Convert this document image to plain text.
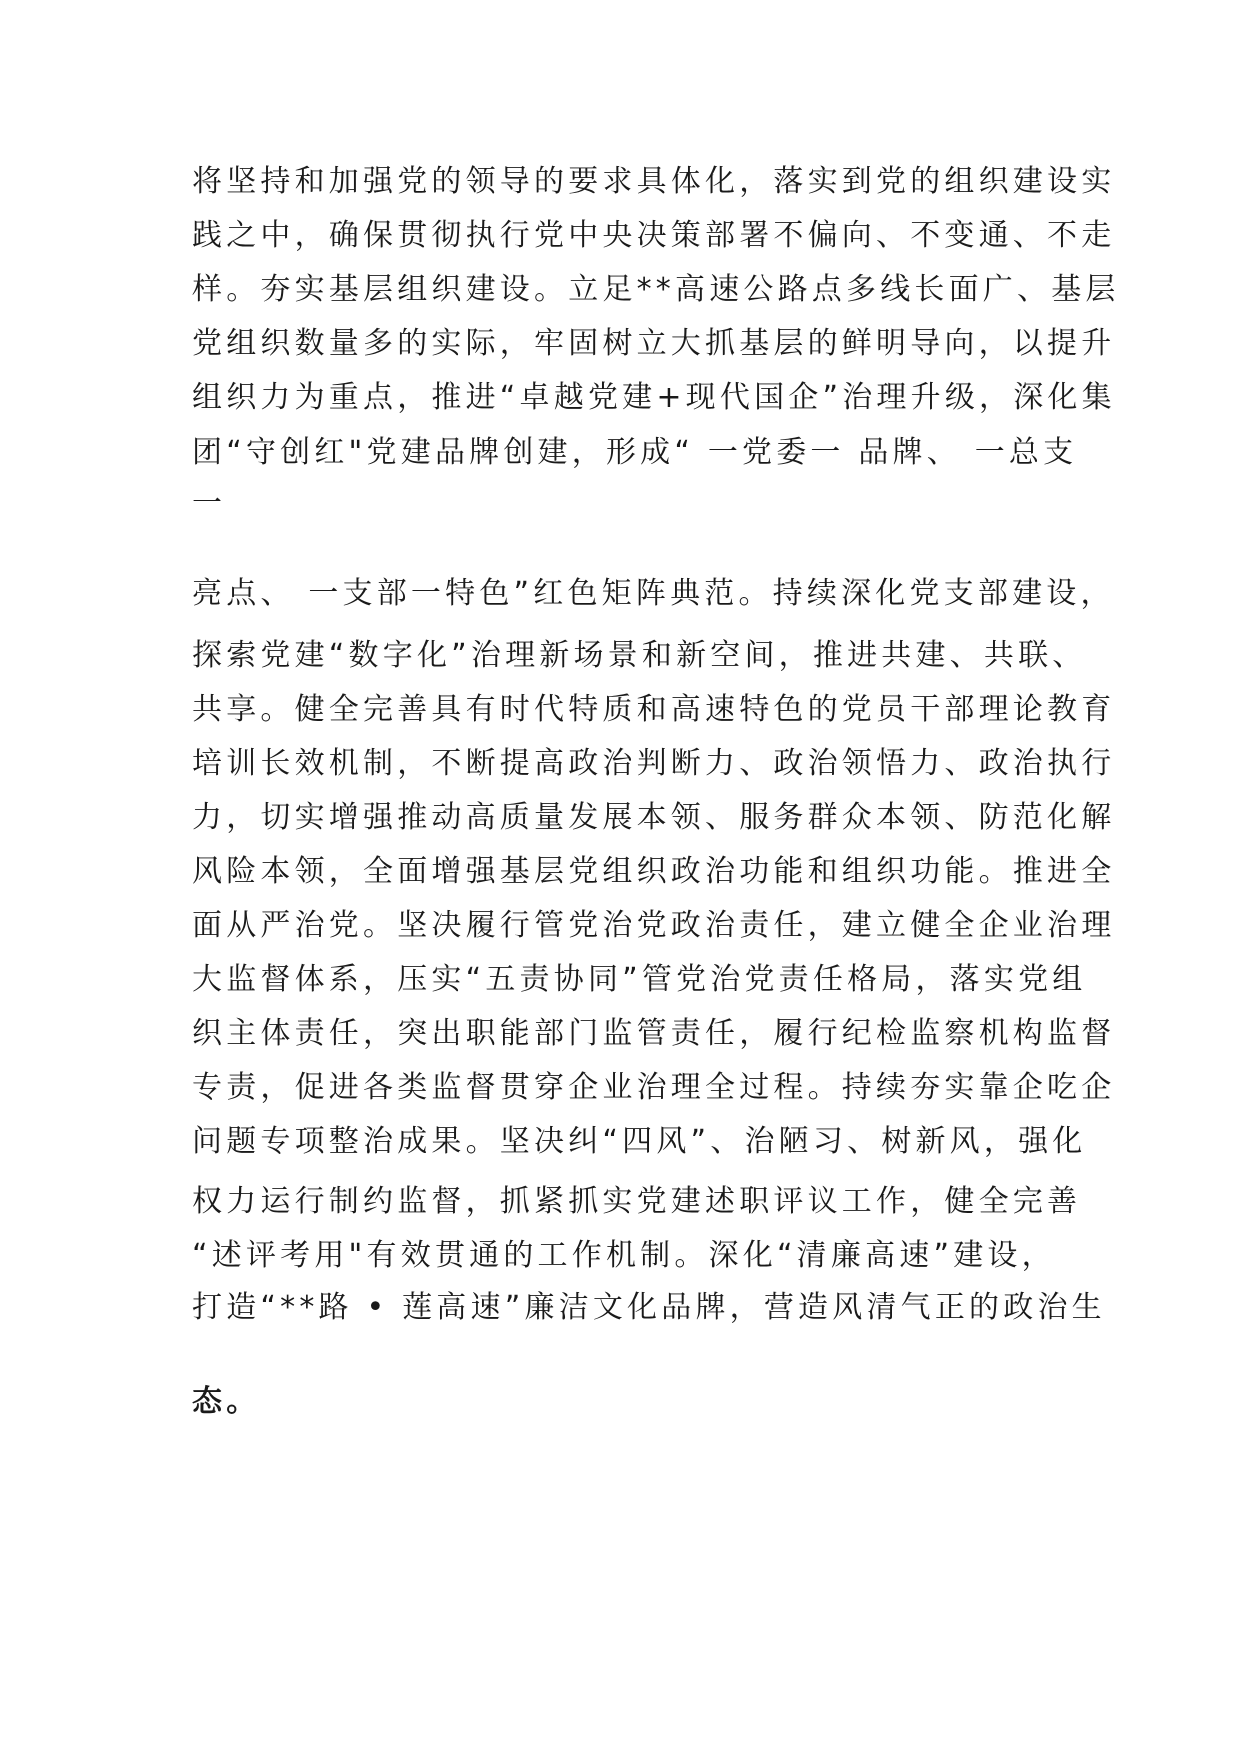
将坚持和加强党的领导的要求具体化，落实到党的组织建设实

践之中，确保贯彻执行党中央决策部署不偏向、不变通、不走

样。夯实基层组织建设。立足**高速公路点多线长面广、基层

党组织数量多的实际，牢固树立大抓基层的鲜明导向，以提升

组织力为重点，推进“卓越党建+现代国企”治理升级，深化集

团“守创红"党建品牌创建，形成“ 一党委一 品牌、 一总支

一

亮点、 一支部一特色”红色矩阵典范。持续深化党支部建设，

探索党建“数字化”治理新场景和新空间，推进共建、共联、

共享。健全完善具有时代特质和高速特色的党员干部理论教育

培训长效机制，不断提高政治判断力、政治领悟力、政治执行

力，切实增强推动高质量发展本领、服务群众本领、防范化解

风险本领，全面增强基层党组织政治功能和组织功能。推进全

面从严治党。坚决履行管党治党政治责任，建立健全企业治理

大监督体系，压实“五责协同”管党治党责任格局，落实党组

织主体责任，突出职能部门监管责任，履行纪检监察机构监督

专责，促进各类监督贯穿企业治理全过程。持续夯实靠企吃企

问题专项整治成果。坚决纠“四风”、治陋习、树新风，强化

权力运行制约监督，抓紧抓实党建述职评议工作，健全完善

“述评考用"有效贯通的工作机制。深化“清廉高速”建设，

打造“**路 • 莲高速”廉洁文化品牌，营造风清气正的政治生

态。
